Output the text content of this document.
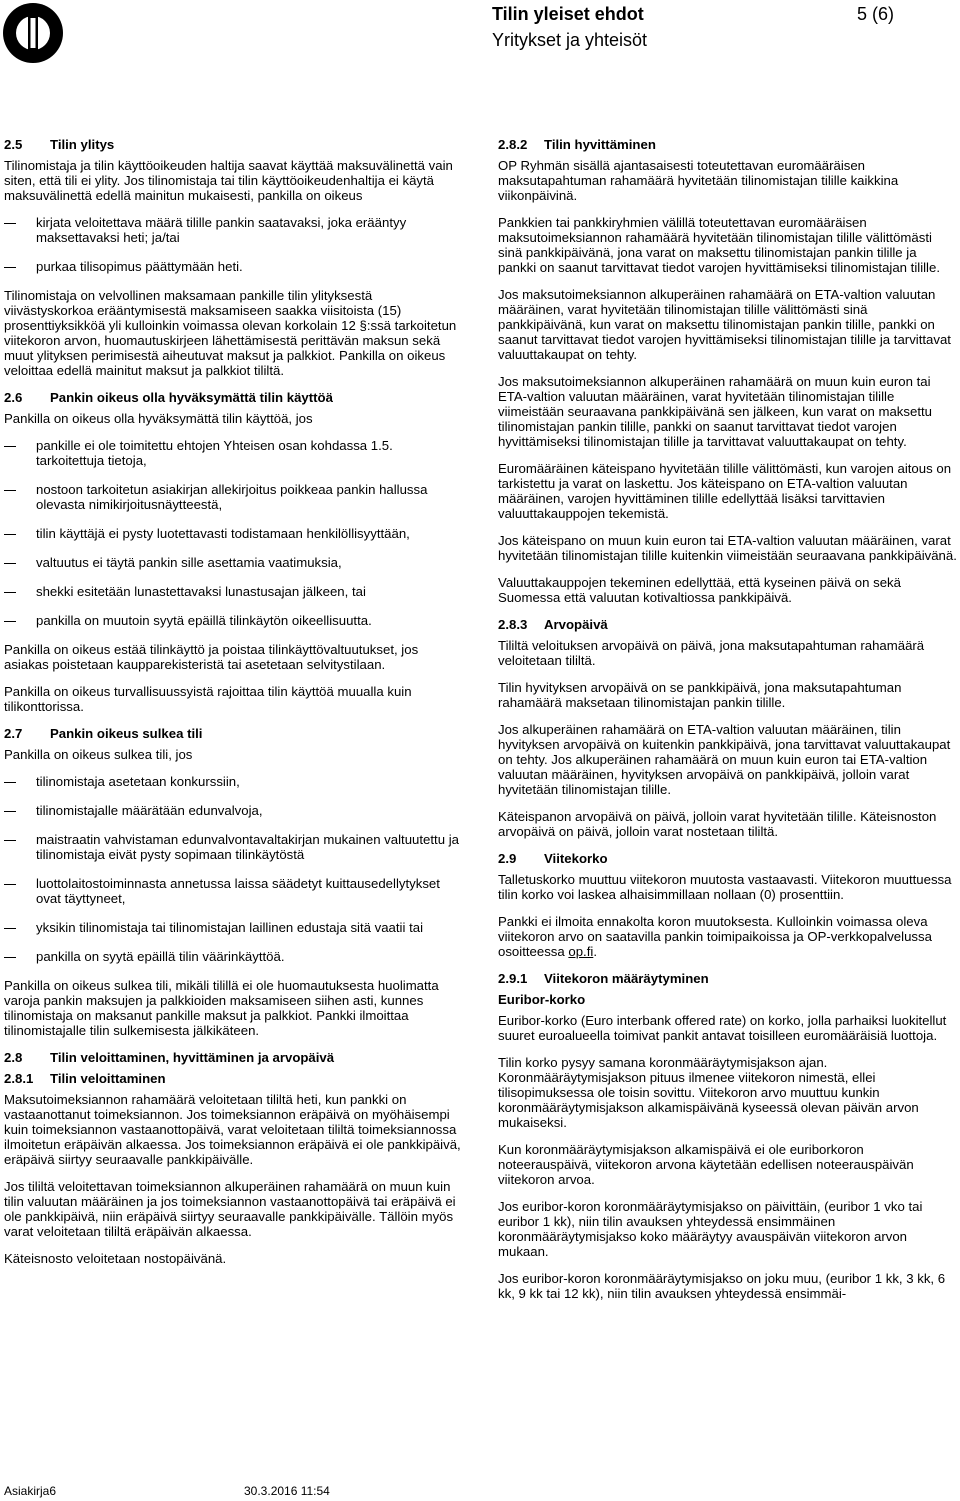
Tilin yleiset ehdot	5 (6)
Yritykset ja yhteisöt
2.5	Tilin ylitys
Tilinomistaja ja tilin käyttöoikeuden haltija saavat käyttää maksuvälinettä vain siten, että tili ei ylity. Jos tilinomistaja tai tilin käyttöoikeudenhaltija ei käytä maksuvälinettä edellä mainitun mukaisesti, pankilla on oikeus
kirjata veloitettava määrä tilille pankin saatavaksi, joka erääntyy maksettavaksi heti; ja/tai
purkaa tilisopimus päättymään heti.
Tilinomistaja on velvollinen maksamaan pankille tilin ylityksestä viivästyskorkoa erääntymisestä maksamiseen saakka viisitoista (15) prosenttiyksikköä yli kulloinkin voimassa olevan korkolain 12 §:ssä tarkoitetun viitekoron arvon, huomautuskirjeen lähettämisestä perittävän maksun sekä muut ylityksen perimisestä aiheutuvat maksut ja palkkiot. Pankilla on oikeus veloittaa edellä mainitut maksut ja palkkiot tililtä.
2.6	Pankin oikeus olla hyväksymättä tilin käyttöä
Pankilla on oikeus olla hyväksymättä tilin käyttöä, jos
pankille ei ole toimitettu ehtojen Yhteisen osan kohdassa 1.5. tarkoitettuja tietoja,
nostoon tarkoitetun asiakirjan allekirjoitus poikkeaa pankin hallussa olevasta nimikirjoitusnäytteestä,
tilin käyttäjä ei pysty luotettavasti todistamaan henkilöllisyyttään,
valtuutus ei täytä pankin sille asettamia vaatimuksia,
shekki esitetään lunastettavaksi lunastusajan jälkeen, tai
pankilla on muutoin syytä epäillä tilinkäytön oikeellisuutta.
Pankilla on oikeus estää tilinkäyttö ja poistaa tilinkäyttövaltuutukset, jos asiakas poistetaan kaupparekisteristä tai asetetaan selvitystilaan.
Pankilla on oikeus turvallisuussyistä rajoittaa tilin käyttöä muualla kuin tilikonttorissa.
2.7	Pankin oikeus sulkea tili
Pankilla on oikeus sulkea tili, jos
tilinomistaja asetetaan konkurssiin,
tilinomistajalle määrätään edunvalvoja,
maistraatin vahvistaman edunvalvontavaltakirjan mukainen valtuutettu ja tilinomistaja eivät pysty sopimaan tilinkäytöstä
luottolaitostoiminnasta annetussa laissa säädetyt kuittausedellytykset ovat täyttyneet,
yksikin tilinomistaja tai tilinomistajan laillinen edustaja sitä vaatii tai
pankilla on syytä epäillä tilin väärinkäyttöä.
Pankilla on oikeus sulkea tili, mikäli tilillä ei ole huomautuksesta huolimatta varoja pankin maksujen ja palkkioiden maksamiseen siihen asti, kunnes tilinomistaja on maksanut pankille maksut ja palkkiot. Pankki ilmoittaa tilinomistajalle tilin sulkemisesta jälkikäteen.
2.8	Tilin veloittaminen, hyvittäminen ja arvopäivä
2.8.1	Tilin veloittaminen
Maksutoimeksiannon rahamäärä veloitetaan tililtä heti, kun pankki on vastaanottanut toimeksiannon. Jos toimeksiannon eräpäivä on myöhäisempi kuin toimeksiannon vastaanottopäivä, varat veloitetaan tililtä toimeksiannossa ilmoitetun eräpäivän alkaessa. Jos toimeksiannon eräpäivä ei ole pankkipäivä, eräpäivä siirtyy seuraavalle pankkipäivälle.
Jos tililtä veloitettavan toimeksiannon alkuperäinen rahamäärä on muun kuin tilin valuutan määräinen ja jos toimeksiannon vastaanottopäivä tai eräpäivä ei ole pankkipäivä, niin eräpäivä siirtyy seuraavalle pankkipäivälle. Tällöin myös varat veloitetaan tililtä eräpäivän alkaessa.
Käteisnosto veloitetaan nostopäivänä.
2.8.2	Tilin hyvittäminen
OP Ryhmän sisällä ajantasaisesti toteutettavan euromääräisen maksutapahtuman rahamäärä hyvitetään tilinomistajan tilille kaikkina viikonpäivinä.
Pankkien tai pankkiryhmien välillä toteutettavan euromääräisen maksutoimeksiannon rahamäärä hyvitetään tilinomistajan tilille välittömästi sinä pankkipäivänä, jona varat on maksettu tilinomistajan pankin tilille ja pankki on saanut tarvittavat tiedot varojen hyvittämiseksi tilinomistajan tilille.
Jos maksutoimeksiannon alkuperäinen rahamäärä on ETA-valtion valuutan määräinen, varat hyvitetään tilinomistajan tilille välittömästi sinä pankkipäivänä, kun varat on maksettu tilinomistajan pankin tilille, pankki on saanut tarvittavat tiedot varojen hyvittämiseksi tilinomistajan tilille ja tarvittavat valuuttakaupat on tehty.
Jos maksutoimeksiannon alkuperäinen rahamäärä on muun kuin euron tai ETA-valtion valuutan määräinen, varat hyvitetään tilinomistajan tilille viimeistään seuraavana pankkipäivänä sen jälkeen, kun varat on maksettu tilinomistajan pankin tilille, pankki on saanut tarvittavat tiedot varojen hyvittämiseksi tilinomistajan tilille ja tarvittavat valuuttakaupat on tehty.
Euromääräinen käteispano hyvitetään tilille välittömästi, kun varojen aitous on tarkistettu ja varat on laskettu. Jos käteispano on ETA-valtion valuutan määräinen, varojen hyvittäminen tilille edellyttää lisäksi tarvittavien valuuttakauppojen tekemistä.
Jos käteispano on muun kuin euron tai ETA-valtion valuutan määräinen, varat hyvitetään tilinomistajan tilille kuitenkin viimeistään seuraavana pankkipäivänä.
Valuuttakauppojen tekeminen edellyttää, että kyseinen päivä on sekä Suomessa että valuutan kotivaltiossa pankkipäivä.
2.8.3	Arvopäivä
Tililtä veloituksen arvopäivä on päivä, jona maksutapahtuman rahamäärä veloitetaan tililtä.
Tilin hyvityksen arvopäivä on se pankkipäivä, jona maksutapahtuman rahamäärä maksetaan tilinomistajan pankin tilille.
Jos alkuperäinen rahamäärä on ETA-valtion valuutan määräinen, tilin hyvityksen arvopäivä on kuitenkin pankkipäivä, jona tarvittavat valuuttakaupat on tehty. Jos alkuperäinen rahamäärä on muun kuin euron tai ETA-valtion valuutan määräinen, hyvityksen arvopäivä on pankkipäivä, jolloin varat hyvitetään tilinomistajan tilille.
Käteispanon arvopäivä on päivä, jolloin varat hyvitetään tilille. Käteisnoston arvopäivä on päivä, jolloin varat nostetaan tililtä.
2.9	Viitekorko
Talletuskorko muuttuu viitekoron muutosta vastaavasti. Viitekoron muuttuessa tilin korko voi laskea alhaisimmillaan nollaan (0) prosenttiin.
Pankki ei ilmoita ennakolta koron muutoksesta. Kulloinkin voimassa oleva viitekoron arvo on saatavilla pankin toimipaikoissa ja OP-verkkopalvelussa osoitteessa op.fi.
2.9.1	Viitekoron määräytyminen
Euribor-korko
Euribor-korko (Euro interbank offered rate) on korko, jolla parhaiksi luokitellut suuret euroalueella toimivat pankit antavat toisilleen euromääräisiä luottoja.
Tilin korko pysyy samana koronmääräytymisjakson ajan. Koronmääräytymisjakson pituus ilmenee viitekoron nimestä, ellei tilisopimuksessa ole toisin sovittu. Viitekoron arvo muuttuu kunkin koronmääräytymisjakson alkamispäivänä kyseessä olevan päivän arvon mukaiseksi.
Kun koronmääräytymisjakson alkamispäivä ei ole euriborkoron noteerauspäivä, viitekoron arvona käytetään edellisen noteerauspäivän viitekoron arvoa.
Jos euribor-koron koronmääräytymisjakso on päivittäin, (euribor 1 vko tai euribor 1 kk), niin tilin avauksen yhteydessä ensimmäinen koronmääräytymisjakso koko määräytyy avauspäivän viitekoron arvon mukaan.
Jos euribor-koron koronmääräytymisjakso on joku muu, (euribor 1 kk, 3 kk, 6 kk, 9 kk tai 12 kk), niin tilin avauksen yhteydessä ensimmäi-
Asiakirja6	30.3.2016 11:54
